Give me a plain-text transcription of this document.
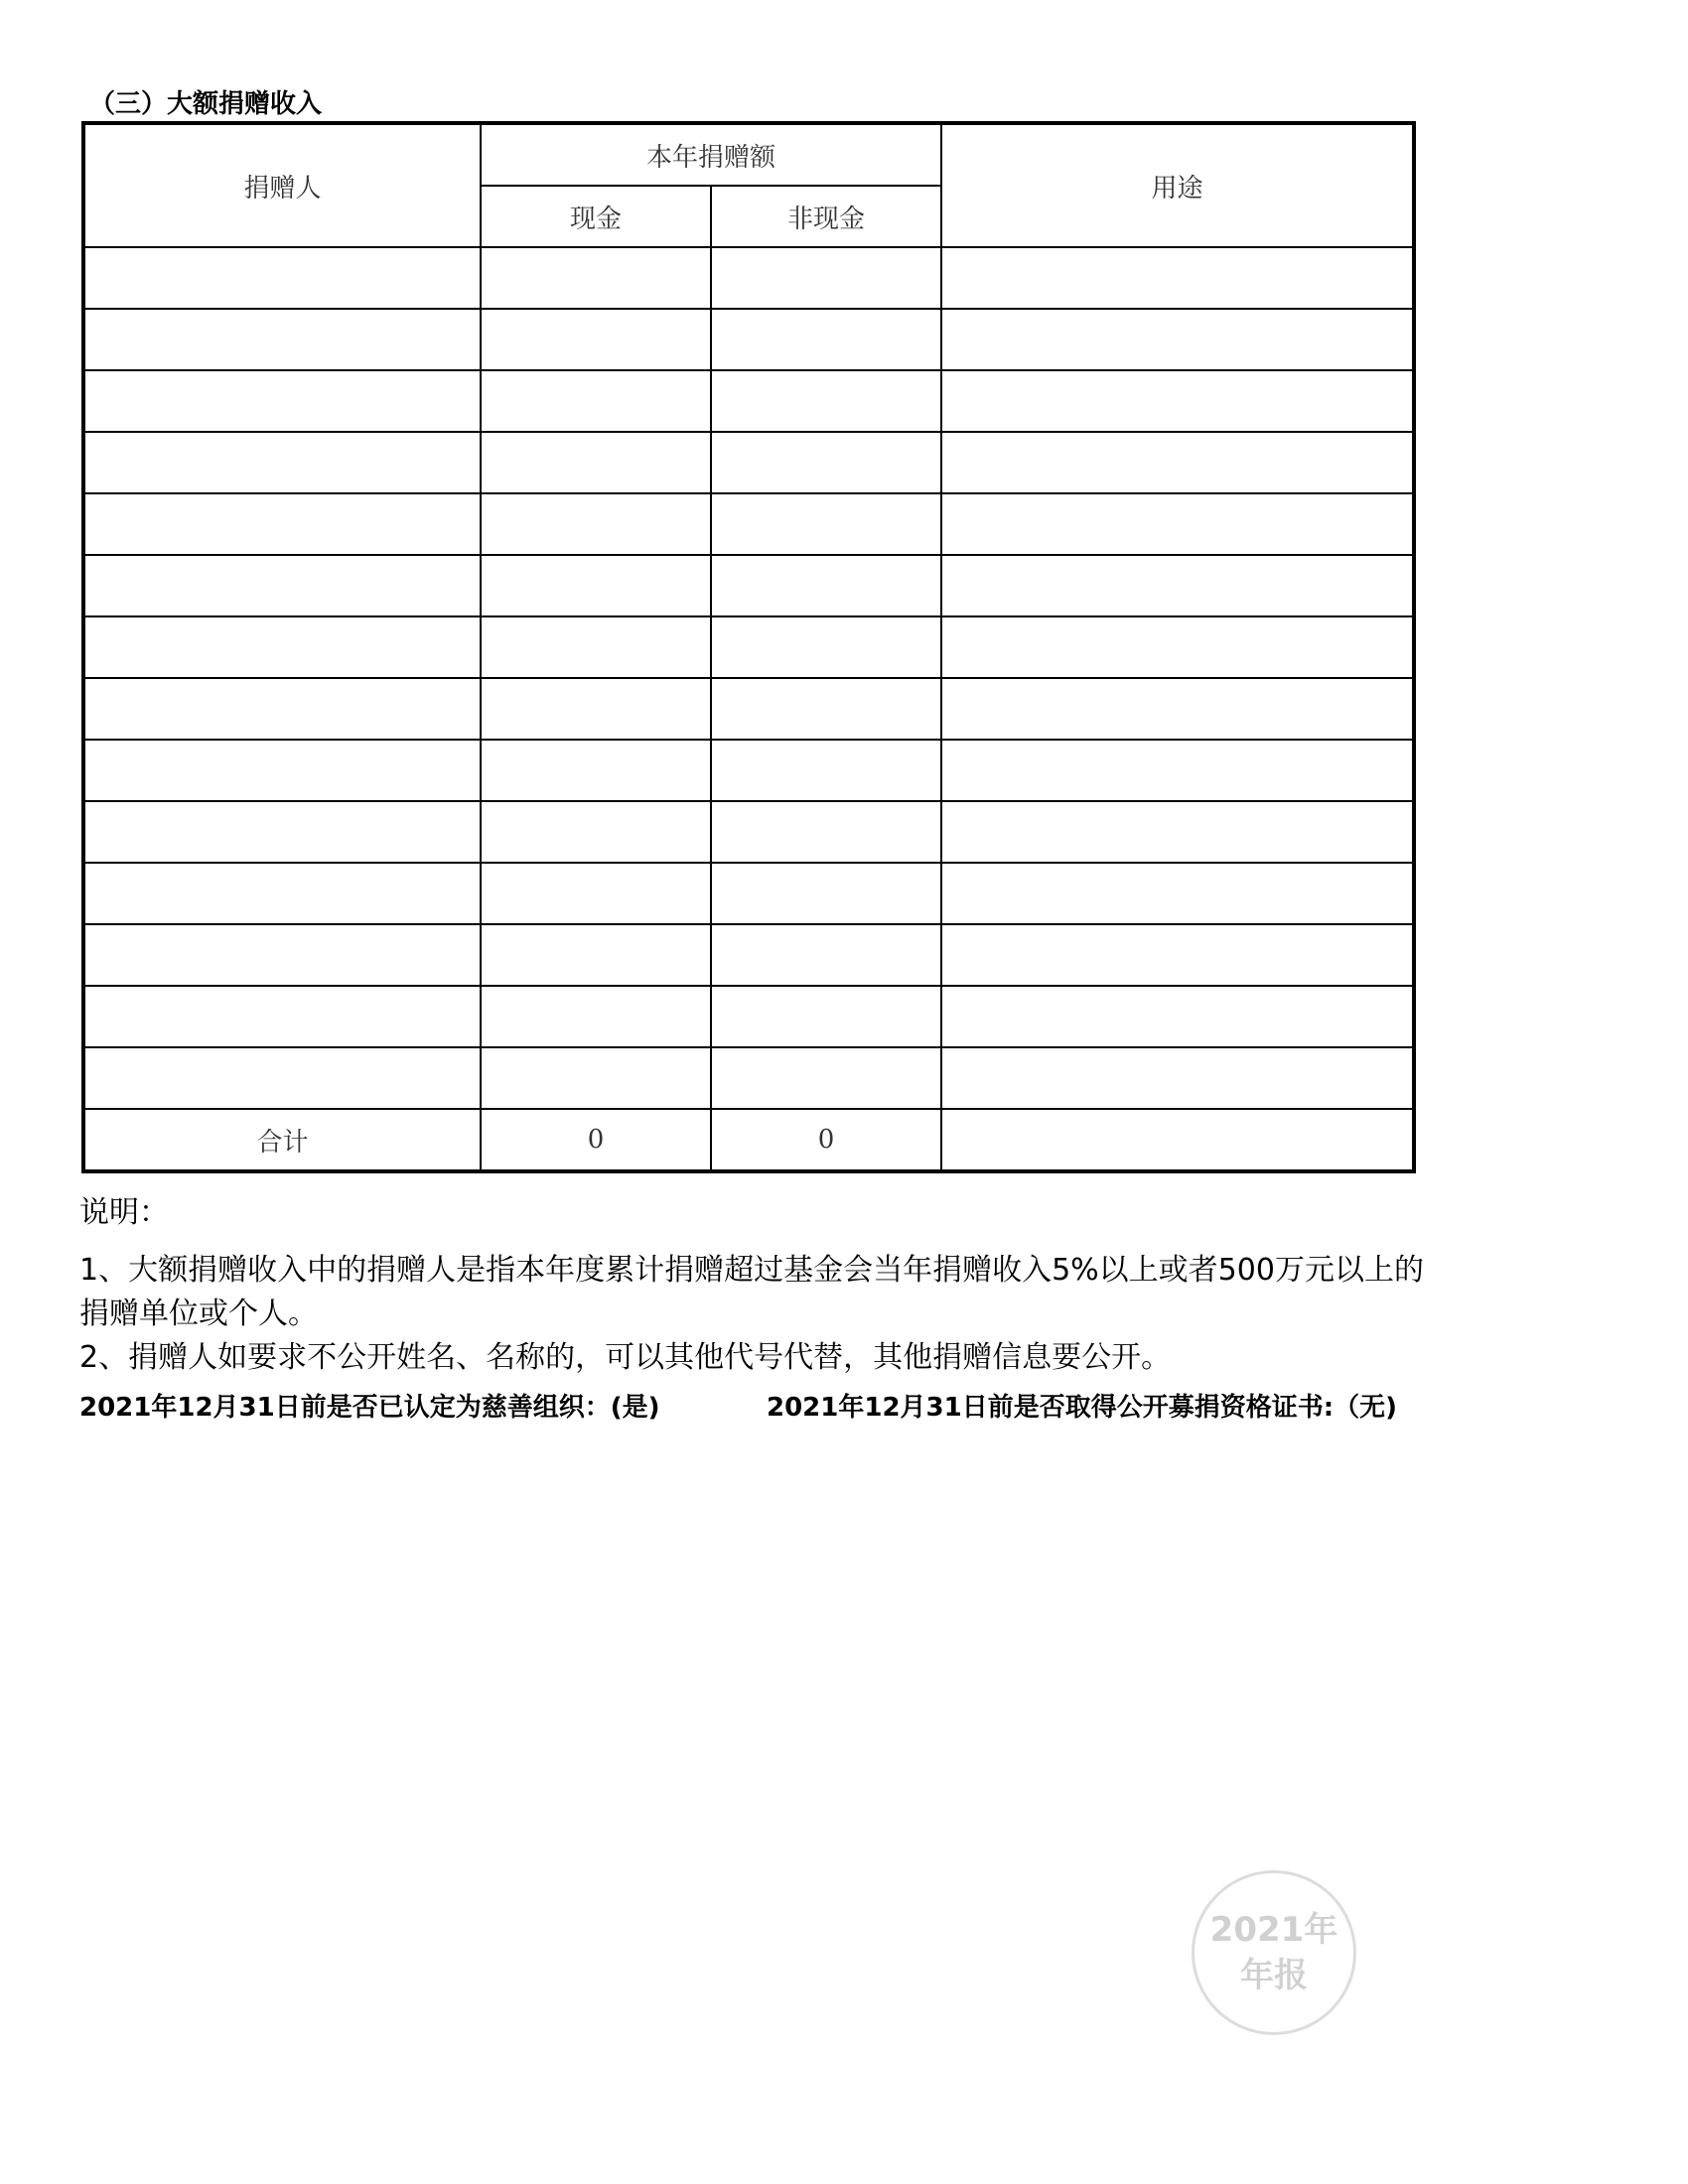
（三）大额捐赠收入
捐赠人	本年捐赠额		用途
	现金	非现金	

合计	0	0	
说明：

1、大额捐赠收入中的捐赠人是指本年度累计捐赠超过基金会当年捐赠收入5%以上或者500万元以上的捐赠单位或个人。

2、捐赠人如要求不公开姓名、名称的，可以其他代号代替，其他捐赠信息要公开。

2021年12月31日前是否已认定为慈善组织：(是)	2021年12月31日前是否取得公开募捐资格证书:（无)
2021年
年报
